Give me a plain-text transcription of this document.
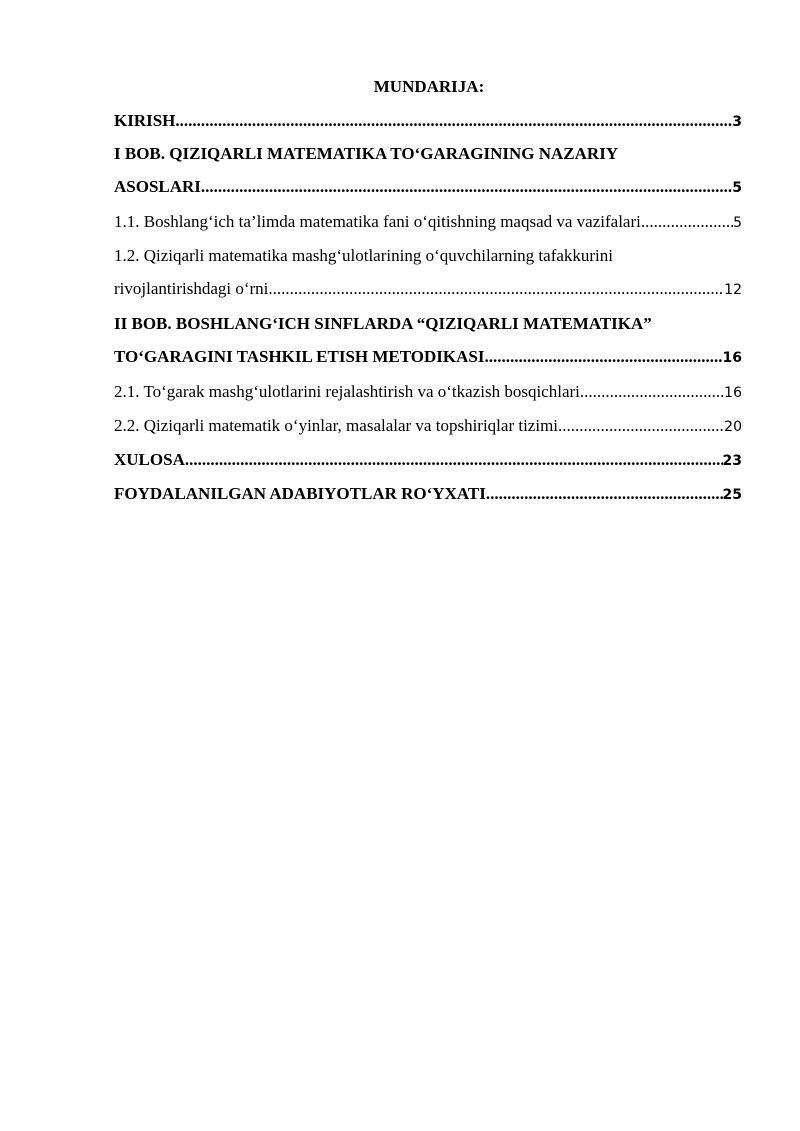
MUNDARIJA:
KIRISH .....	3
I BOB. QIZIQARLI MATEMATIKA TO‘GARAGINING NAZARIY
ASOSLARI .....	5
1.1. Boshlang‘ich ta’limda matematika fani o‘qitishning maqsad va vazifalari .....	5
1.2. Qiziqarli matematika mashg‘ulotlarining o‘quvchilarning tafakkurini
rivojlantirishdagi o‘rni .....	12
II BOB. BOSHLANG‘ICH SINFLARDA “QIZIQARLI MATEMATIKA”
TO‘GARAGINI TASHKIL ETISH METODIKASI .....	16
2.1. To‘garak mashg‘ulotlarini rejalashtirish va o‘tkazish bosqichlari .....	16
2.2. Qiziqarli matematik o‘yinlar, masalalar va topshiriqlar tizimi .....	20
XULOSA .....	23
FOYDALANILGAN ADABIYOTLAR RO‘YXATI .....	25
